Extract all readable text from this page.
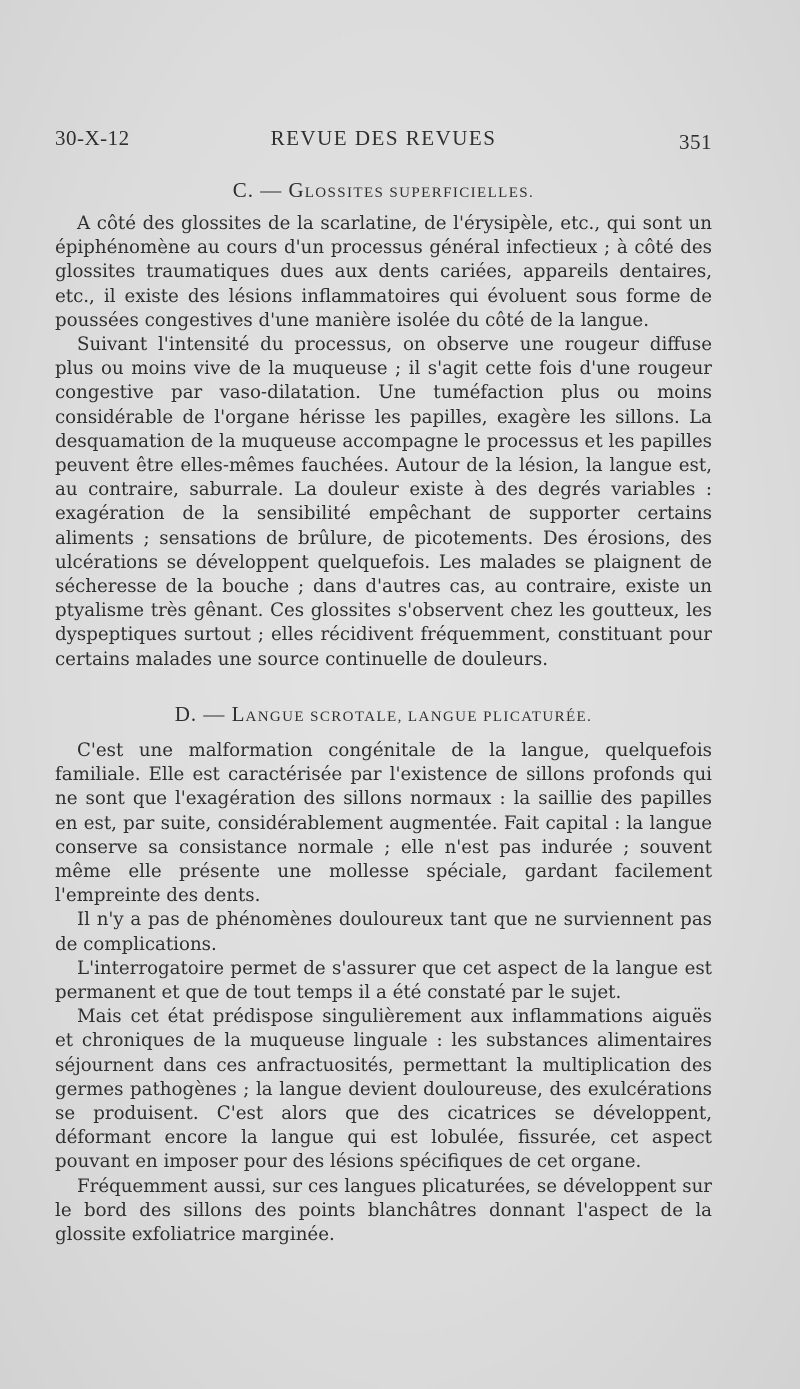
30-X-12	REVUE DES REVUES	351
C. — GLOSSITES SUPERFICIELLES.

A côté des glossites de la scarlatine, de l'érysipèle, etc., qui sont un épiphénomène au cours d'un processus général infectieux ; à côté des glossites traumatiques dues aux dents cariées, appareils dentaires, etc., il existe des lésions inflammatoires qui évoluent sous forme de poussées congestives d'une manière isolée du côté de la langue.

Suivant l'intensité du processus, on observe une rougeur diffuse plus ou moins vive de la muqueuse ; il s'agit cette fois d'une rougeur congestive par vaso-dilatation. Une tuméfaction plus ou moins considérable de l'organe hérisse les papilles, exagère les sillons. La desquamation de la muqueuse accompagne le processus et les papilles peuvent être elles-mêmes fauchées. Autour de la lésion, la langue est, au contraire, saburrale. La douleur existe à des degrés variables : exagération de la sensibilité empêchant de supporter certains aliments ; sensations de brûlure, de picotements. Des érosions, des ulcérations se développent quelquefois. Les malades se plaignent de sécheresse de la bouche ; dans d'autres cas, au contraire, existe un ptyalisme très gênant. Ces glossites s'observent chez les goutteux, les dyspeptiques surtout ; elles récidivent fréquemment, constituant pour certains malades une source continuelle de douleurs.

D. — LANGUE SCROTALE, LANGUE PLICATURÉE.

C'est une malformation congénitale de la langue, quelquefois familiale. Elle est caractérisée par l'existence de sillons profonds qui ne sont que l'exagération des sillons normaux : la saillie des papilles en est, par suite, considérablement augmentée. Fait capital : la langue conserve sa consistance normale ; elle n'est pas indurée ; souvent même elle présente une mollesse spéciale, gardant facilement l'empreinte des dents.

Il n'y a pas de phénomènes douloureux tant que ne surviennent pas de complications.

L'interrogatoire permet de s'assurer que cet aspect de la langue est permanent et que de tout temps il a été constaté par le sujet.

Mais cet état prédispose singulièrement aux inflammations aiguës et chroniques de la muqueuse linguale : les substances alimentaires séjournent dans ces anfractuosités, permettant la multiplication des germes pathogènes ; la langue devient douloureuse, des exulcérations se produisent. C'est alors que des cicatrices se développent, déformant encore la langue qui est lobulée, fissurée, cet aspect pouvant en imposer pour des lésions spécifiques de cet organe.

Fréquemment aussi, sur ces langues plicaturées, se développent sur le bord des sillons des points blanchâtres donnant l'aspect de la glossite exfoliatrice marginée.
